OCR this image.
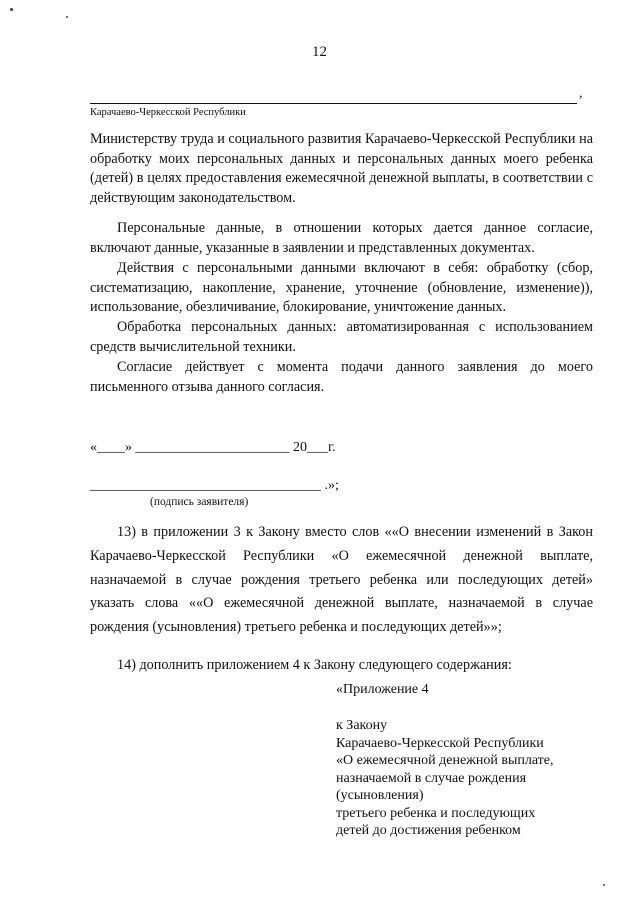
12
,
Карачаево-Черкесской Республики
Министерству труда и социального развития Карачаево-Черкесской Республики на обработку моих персональных данных и персональных данных моего ребенка (детей) в целях предоставления ежемесячной денежной выплаты, в соответствии с действующим законодательством.
Персональные данные, в отношении которых дается данное согласие, включают данные, указанные в заявлении и представленных документах.
Действия с персональными данными включают в себя: обработку (сбор, систематизацию, накопление, хранение, уточнение (обновление, изменение)), использование, обезличивание, блокирование, уничтожение данных.
Обработка персональных данных: автоматизированная с использованием средств вычислительной техники.
Согласие действует с момента подачи данного заявления до моего письменного отзыва данного согласия.
«____» ______________________ 20___г.
_________________________________ .»;
(подпись заявителя)
13) в приложении 3 к Закону вместо слов ««О внесении изменений в Закон Карачаево-Черкесской Республики «О ежемесячной денежной выплате, назначаемой в случае рождения третьего ребенка или последующих детей» указать слова ««О ежемесячной денежной выплате, назначаемой в случае рождения (усыновления) третьего ребенка и последующих детей»»;
14) дополнить приложением 4 к Закону следующего содержания:
«Приложение 4
к Закону
Карачаево-Черкесской Республики
«О ежемесячной денежной выплате,
назначаемой в случае рождения
(усыновления)
третьего ребенка и последующих
детей до достижения ребенком
